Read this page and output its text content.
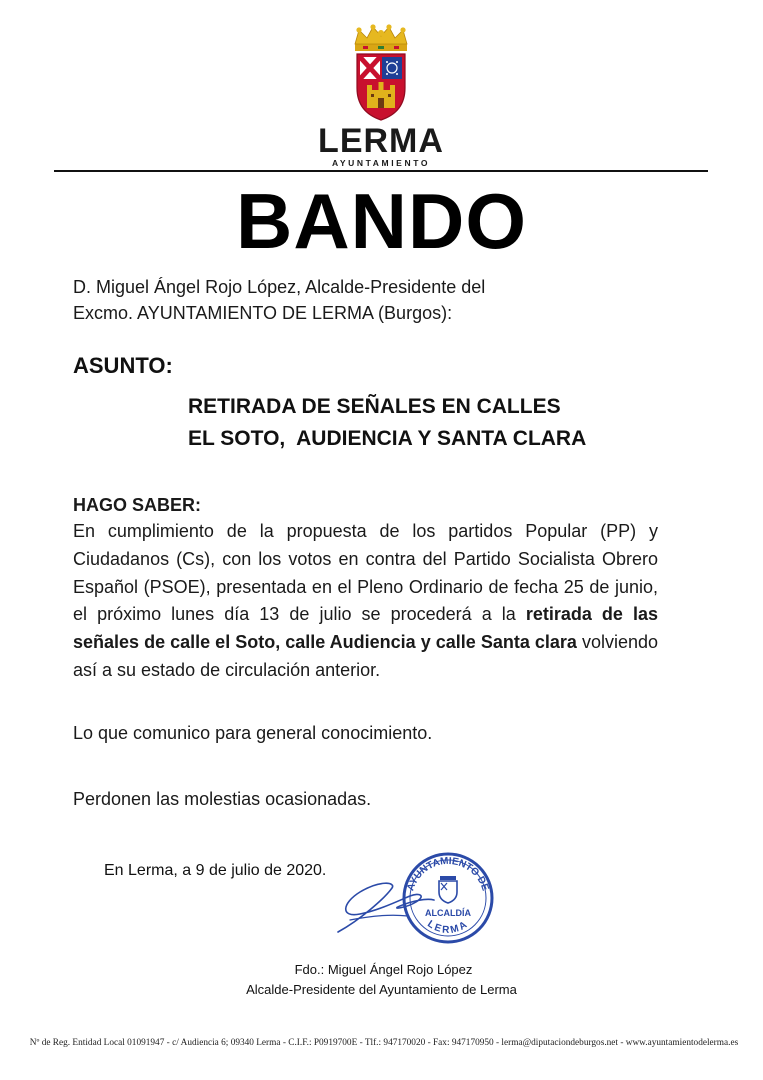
LERMA
AYUNTAMIENTO
BANDO
D. Miguel Ángel Rojo López, Alcalde-Presidente del
Excmo. AYUNTAMIENTO DE LERMA (Burgos):
ASUNTO:
RETIRADA DE SEÑALES EN CALLES
EL SOTO,  AUDIENCIA Y SANTA CLARA
HAGO SABER:
En cumplimiento de la propuesta de los partidos Popular (PP) y Ciudadanos (Cs), con los votos en contra del Partido Socialista Obrero Español (PSOE), presentada en el Pleno Ordinario de fecha 25 de junio, el próximo lunes día 13 de julio se procederá a la retirada de las señales de calle el Soto, calle Audiencia y calle Santa clara volviendo así a su estado de circulación anterior.
Lo que comunico para general conocimiento.
Perdonen las molestias ocasionadas.
En Lerma, a 9 de julio de 2020.
AYUNTAMIENTO DE
LERMA
ALCALDÍA
Fdo.: Miguel Ángel Rojo López
Alcalde-Presidente del Ayuntamiento de Lerma
Nº de Reg. Entidad Local 01091947 - c/ Audiencia 6; 09340 Lerma - C.I.F.: P0919700E - Tlf.: 947170020 - Fax: 947170950 - lerma@diputaciondeburgos.net - www.ayuntamientodelerma.es
